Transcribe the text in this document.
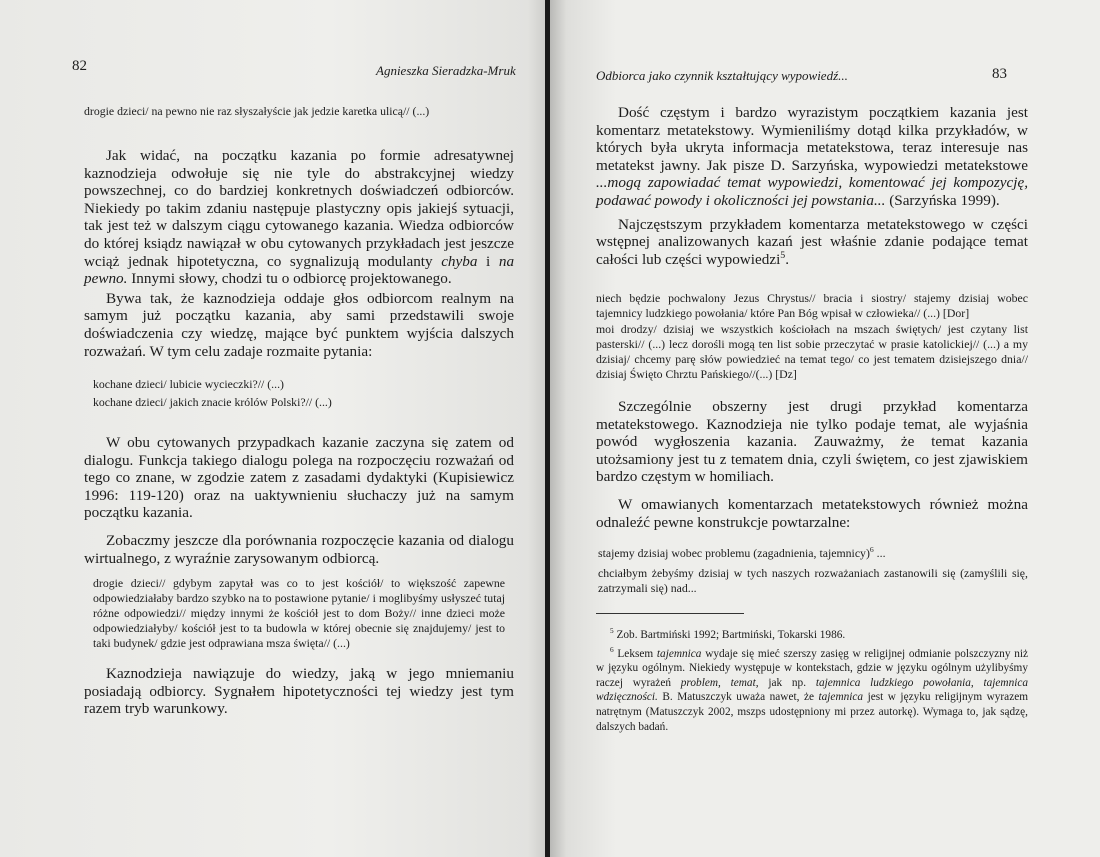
82	Agnieszka Sieradzka-Mruk

drogie dzieci/ na pewno nie raz słyszałyście jak jedzie karetka ulicą// (...)

Jak widać, na początku kazania po formie adresatywnej kaznodzieja odwołuje się nie tyle do abstrakcyjnej wiedzy powszechnej, co do bardziej konkretnych doświadczeń odbiorców. Niekiedy po takim zdaniu następuje plastyczny opis jakiejś sytuacji, tak jest też w dalszym ciągu cytowanego kazania. Wiedza odbiorców do której ksiądz nawiązał w obu cytowanych przykładach jest jeszcze wciąż jednak hipotetyczna, co sygnalizują modulanty chyba i na pewno. Innymi słowy, chodzi tu o odbiorcę projektowanego.

Bywa tak, że kaznodzieja oddaje głos odbiorcom realnym na samym już początku kazania, aby sami przedstawili swoje doświadczenia czy wiedzę, mające być punktem wyjścia dalszych rozważań. W tym celu zadaje rozmaite pytania:

kochane dzieci/ lubicie wycieczki?// (...)

kochane dzieci/ jakich znacie królów Polski?// (...)

W obu cytowanych przypadkach kazanie zaczyna się zatem od dialogu. Funkcja takiego dialogu polega na rozpoczęciu rozważań od tego co znane, w zgodzie zatem z zasadami dydaktyki (Kupisiewicz 1996: 119-120) oraz na uaktywnieniu słuchaczy już na samym początku kazania.

Zobaczmy jeszcze dla porównania rozpoczęcie kazania od dialogu wirtualnego, z wyraźnie zarysowanym odbiorcą.

drogie dzieci// gdybym zapytał was co to jest kościół/ to większość zapewne odpowiedziałaby bardzo szybko na to postawione pytanie/ i moglibyśmy usłyszeć tutaj różne odpowiedzi// między innymi że kościół jest to dom Boży// inne dzieci może odpowiedziałyby/ kościół jest to ta budowla w której obecnie się znajdujemy/ jest to taki budynek/ gdzie jest odprawiana msza święta// (...)

Kaznodzieja nawiązuje do wiedzy, jaką w jego mniemaniu posiadają odbiorcy. Sygnałem hipotetyczności tej wiedzy jest tym razem tryb warunkowy.

Odbiorca jako czynnik kształtujący wypowiedź...	83

Dość częstym i bardzo wyrazistym początkiem kazania jest komentarz metatekstowy. Wymieniliśmy dotąd kilka przykładów, w których była ukryta informacja metatekstowa, teraz interesuje nas metatekst jawny. Jak pisze D. Sarzyńska, wypowiedzi metatekstowe ...mogą zapowiadać temat wypowiedzi, komentować jej kompozycję, podawać powody i okoliczności jej powstania... (Sarzyńska 1999).

Najczęstszym przykładem komentarza metatekstowego w części wstępnej analizowanych kazań jest właśnie zdanie podające temat całości lub części wypowiedzi$^5$.

niech będzie pochwalony Jezus Chrystus// bracia i siostry/ stajemy dzisiaj wobec tajemnicy ludzkiego powołania/ które Pan Bóg wpisał w człowieka// (...) [Dor]

moi drodzy/ dzisiaj we wszystkich kościołach na mszach świętych/ jest czytany list pasterski// (...) lecz dorośli mogą ten list sobie przeczytać w prasie katolickiej// (...) a my dzisiaj/ chcemy parę słów powiedzieć na temat tego/ co jest tematem dzisiejszego dnia// dzisiaj Święto Chrztu Pańskiego//(...) [Dz]

Szczególnie obszerny jest drugi przykład komentarza metatekstowego. Kaznodzieja nie tylko podaje temat, ale wyjaśnia powód wygłoszenia kazania. Zauważmy, że temat kazania utożsamiony jest tu z tematem dnia, czyli świętem, co jest zjawiskiem bardzo częstym w homiliach.

W omawianych komentarzach metatekstowych również można odnaleźć pewne konstrukcje powtarzalne:

stajemy dzisiaj wobec problemu (zagadnienia, tajemnicy)$^6$ ...

chciałbym żebyśmy dzisiaj w tych naszych rozważaniach zastanowili się (zamyślili się, zatrzymali się) nad...

$^5$ Zob. Bartmiński 1992; Bartmiński, Tokarski 1986.

$^6$ Leksem tajemnica wydaje się mieć szerszy zasięg w religijnej odmianie polszczyzny niż w języku ogólnym. Niekiedy występuje w kontekstach, gdzie w języku ogólnym użylibyśmy raczej wyrażeń problem, temat, jak np. tajemnica ludzkiego powołania, tajemnica wdzięczności. B. Matuszczyk uważa nawet, że tajemnica jest w języku religijnym wyrazem natrętnym (Matuszczyk 2002, mszps udostępniony mi przez autorkę). Wymaga to, jak sądzę, dalszych badań.
